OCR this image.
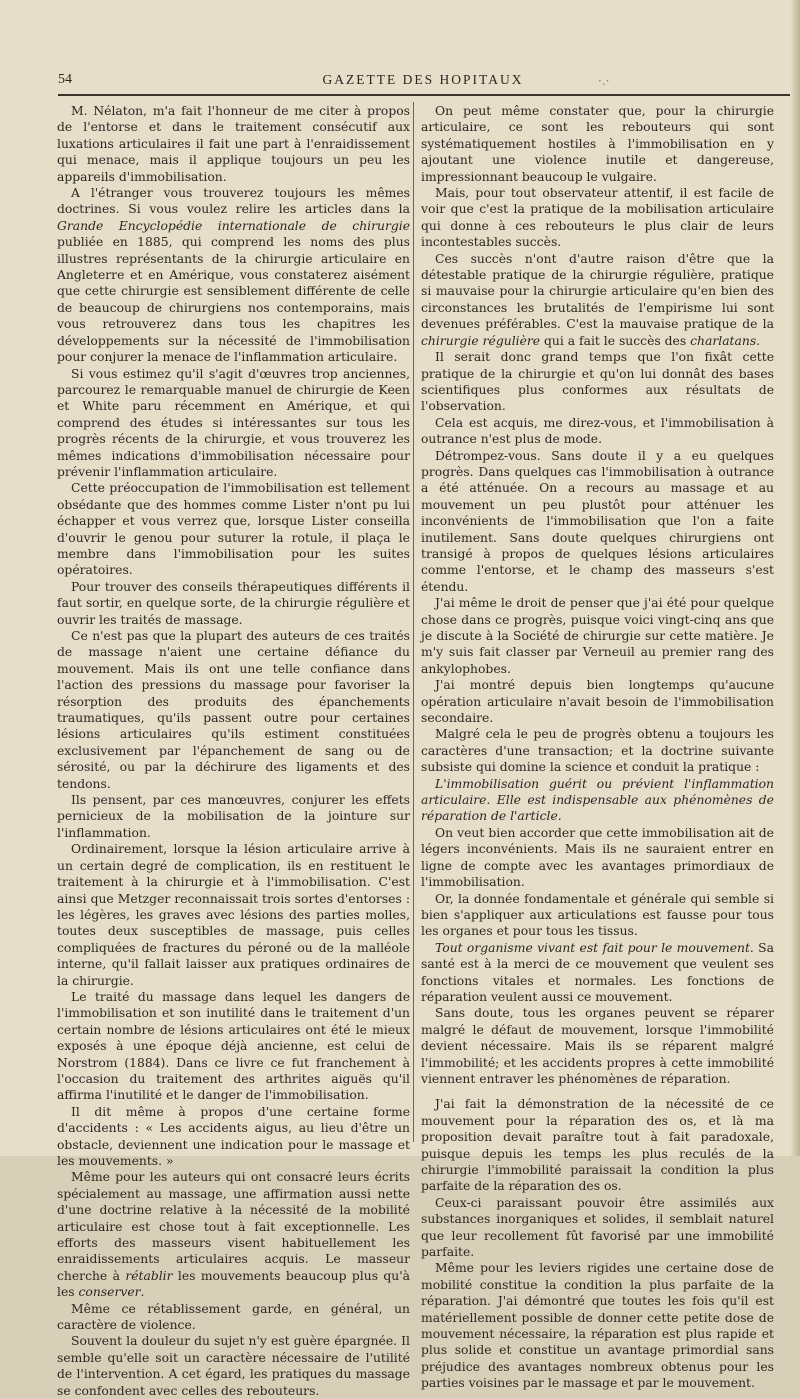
54	GAZETTE DES HOPITAUX	·.·

M. Nélaton, m'a fait l'honneur de me citer à propos de l'entorse et dans le traitement consécutif aux luxations articulaires il fait une part à l'enraidissement qui menace, mais il applique toujours un peu les appareils d'immobilisation.

A l'étranger vous trouverez toujours les mêmes doctrines. Si vous voulez relire les articles dans la Grande Encyclopédie internationale de chirurgie publiée en 1885, qui comprend les noms des plus illustres représentants de la chirurgie articulaire en Angleterre et en Amérique, vous constaterez aisément que cette chirurgie est sensiblement différente de celle de beaucoup de chirurgiens nos contemporains, mais vous retrouverez dans tous les chapitres les développements sur la nécessité de l'immobilisation pour conjurer la menace de l'inflammation articulaire.

Si vous estimez qu'il s'agit d'œuvres trop anciennes, parcourez le remarquable manuel de chirurgie de Keen et White paru récemment en Amérique, et qui comprend des études si intéressantes sur tous les progrès récents de la chirurgie, et vous trouverez les mêmes indications d'immobilisation nécessaire pour prévenir l'inflammation articulaire.

Cette préoccupation de l'immobilisation est tellement obsédante que des hommes comme Lister n'ont pu lui échapper et vous verrez que, lorsque Lister conseilla d'ouvrir le genou pour suturer la rotule, il plaça le membre dans l'immobilisation pour les suites opératoires.

Pour trouver des conseils thérapeutiques différents il faut sortir, en quelque sorte, de la chirurgie régulière et ouvrir les traités de massage.

Ce n'est pas que la plupart des auteurs de ces traités de massage n'aient une certaine défiance du mouvement. Mais ils ont une telle confiance dans l'action des pressions du massage pour favoriser la résorption des produits des épanchements traumatiques, qu'ils passent outre pour certaines lésions articulaires qu'ils estiment constituées exclusivement par l'épanchement de sang ou de sérosité, ou par la déchirure des ligaments et des tendons.

Ils pensent, par ces manœuvres, conjurer les effets pernicieux de la mobilisation de la jointure sur l'inflammation.

Ordinairement, lorsque la lésion articulaire arrive à un certain degré de complication, ils en restituent le traitement à la chirurgie et à l'immobilisation. C'est ainsi que Metzger reconnaissait trois sortes d'entorses : les légères, les graves avec lésions des parties molles, toutes deux susceptibles de massage, puis celles compliquées de fractures du péroné ou de la malléole interne, qu'il fallait laisser aux pratiques ordinaires de la chirurgie.

Le traité du massage dans lequel les dangers de l'immobilisation et son inutilité dans le traitement d'un certain nombre de lésions articulaires ont été le mieux exposés à une époque déjà ancienne, est celui de Norstrom (1884). Dans ce livre ce fut franchement à l'occasion du traitement des arthrites aiguës qu'il affirma l'inutilité et le danger de l'immobilisation.

Il dit même à propos d'une certaine forme d'accidents : « Les accidents aigus, au lieu d'être un obstacle, deviennent une indication pour le massage et les mouvements. »

Même pour les auteurs qui ont consacré leurs écrits spécialement au massage, une affirmation aussi nette d'une doctrine relative à la nécessité de la mobilité articulaire est chose tout à fait exceptionnelle. Les efforts des masseurs visent habituellement les enraidissements articulaires acquis. Le masseur cherche à rétablir les mouvements beaucoup plus qu'à les conserver.

Même ce rétablissement garde, en général, un caractère de violence.

Souvent la douleur du sujet n'y est guère épargnée. Il semble qu'elle soit un caractère nécessaire de l'utilité de l'intervention. A cet égard, les pratiques du massage se confondent avec celles des rebouteurs.

On peut même constater que, pour la chirurgie articulaire, ce sont les rebouteurs qui sont systématiquement hostiles à l'immobilisation en y ajoutant une violence inutile et dangereuse, impressionnant beaucoup le vulgaire.

Mais, pour tout observateur attentif, il est facile de voir que c'est la pratique de la mobilisation articulaire qui donne à ces rebouteurs le plus clair de leurs incontestables succès.

Ces succès n'ont d'autre raison d'être que la détestable pratique de la chirurgie régulière, pratique si mauvaise pour la chirurgie articulaire qu'en bien des circonstances les brutalités de l'empirisme lui sont devenues préférables. C'est la mauvaise pratique de la chirurgie régulière qui a fait le succès des charlatans.

Il serait donc grand temps que l'on fixât cette pratique de la chirurgie et qu'on lui donnât des bases scientifiques plus conformes aux résultats de l'observation.

Cela est acquis, me direz-vous, et l'immobilisation à outrance n'est plus de mode.

Détrompez-vous. Sans doute il y a eu quelques progrès. Dans quelques cas l'immobilisation à outrance a été atténuée. On a recours au massage et au mouvement un peu plustôt pour atténuer les inconvénients de l'immobilisation que l'on a faite inutilement. Sans doute quelques chirurgiens ont transigé à propos de quelques lésions articulaires comme l'entorse, et le champ des masseurs s'est étendu.

J'ai même le droit de penser que j'ai été pour quelque chose dans ce progrès, puisque voici vingt-cinq ans que je discute à la Société de chirurgie sur cette matière. Je m'y suis fait classer par Verneuil au premier rang des ankylophobes.

J'ai montré depuis bien longtemps qu'aucune opération articulaire n'avait besoin de l'immobilisation secondaire.

Malgré cela le peu de progrès obtenu a toujours les caractères d'une transaction; et la doctrine suivante subsiste qui domine la science et conduit la pratique :

L'immobilisation guérit ou prévient l'inflammation articulaire. Elle est indispensable aux phénomènes de réparation de l'article.

On veut bien accorder que cette immobilisation ait de légers inconvénients. Mais ils ne sauraient entrer en ligne de compte avec les avantages primordiaux de l'immobilisation.

Or, la donnée fondamentale et générale qui semble si bien s'appliquer aux articulations est fausse pour tous les organes et pour tous les tissus.

Tout organisme vivant est fait pour le mouvement. Sa santé est à la merci de ce mouvement que veulent ses fonctions vitales et normales. Les fonctions de réparation veulent aussi ce mouvement.

Sans doute, tous les organes peuvent se réparer malgré le défaut de mouvement, lorsque l'immobilité devient nécessaire. Mais ils se réparent malgré l'immobilité; et les accidents propres à cette immobilité viennent entraver les phénomènes de réparation.

J'ai fait la démonstration de la nécessité de ce mouvement pour la réparation des os, et là ma proposition devait paraître tout à fait paradoxale, puisque depuis les temps les plus reculés de la chirurgie l'immobilité paraissait la condition la plus parfaite de la réparation des os.

Ceux-ci paraissant pouvoir être assimilés aux substances inorganiques et solides, il semblait naturel que leur recollement fût favorisé par une immobilité parfaite.

Même pour les leviers rigides une certaine dose de mobilité constitue la condition la plus parfaite de la réparation. J'ai démontré que toutes les fois qu'il est matériellement possible de donner cette petite dose de mouvement nécessaire, la réparation est plus rapide et plus solide et constitue un avantage primordial sans préjudice des avantages nombreux obtenus pour les parties voisines par le massage et par le mouvement.
